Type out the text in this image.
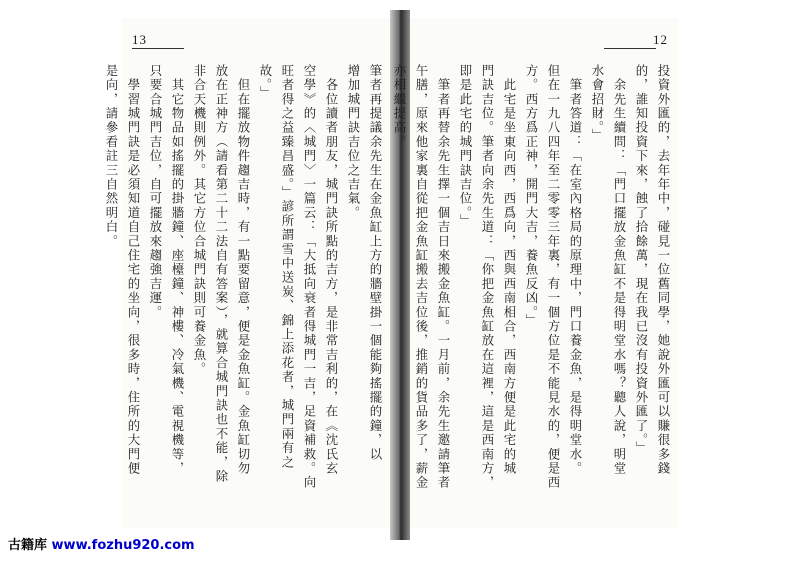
13
筆者再提議余先生在金魚缸上方的牆壁掛一個能夠搖擺的鐘，以
增加城門訣吉位之吉氣。
　各位讀者朋友，城門訣所點的吉方，是非常吉利的，在《沈氏玄
空學》的〈城門〉一篇云：「大抵向衰者得城門一吉，足資補救。向
旺者得之益臻昌盛。」諺所謂雪中送炭、錦上添花者，城門兩有之
故。」
　但在擺放物件趨吉時，有一點要留意，便是金魚缸。金魚缸切勿
放在正神方（請看第二十二法自有答案），就算合城門訣也不能，除
非合天機則例外。其它方位合城門訣則可養金魚。
　其它物品如搖擺的掛牆鐘、座檯鐘、神樓、冷氣機、電視機等，
只要合城門吉位，自可擺放來趨強吉運。
　學習城門訣是必須知道自己住宅的坐向，很多時，住所的大門便
是向，請參看註三自然明白。
12
投資外匯的，去年年中，碰見一位舊同學，她說外匯可以賺很多錢
的，誰知投資下來，蝕了拾餘萬，現在我已沒有投資外匯了。」
　余先生續問：「門口擺放金魚缸不是得明堂水嗎？聽人說，明堂
水會招財。」
　筆者答道：「在室內格局的原理中，門口養金魚，是得明堂水。
但在一九八四年至二零零三年裏，有一個方位是不能見水的，便是西
方。西方爲正神，開門大吉，養魚反凶。」
　此宅是坐東向西，西爲向，西與西南相合，西南方便是此宅的城
門訣吉位。筆者向余先生道：「你把金魚缸放在這裡，這是西南方，
即是此宅的城門訣吉位。」
　筆者再替余先生擇一個吉日來搬金魚缸。一月前，余先生邀請筆者
午膳，原來他家裏自從把金魚缸搬去吉位後，推銷的貨品多了，薪金
亦相繼提高。
古籍库 www.fozhu920.com
